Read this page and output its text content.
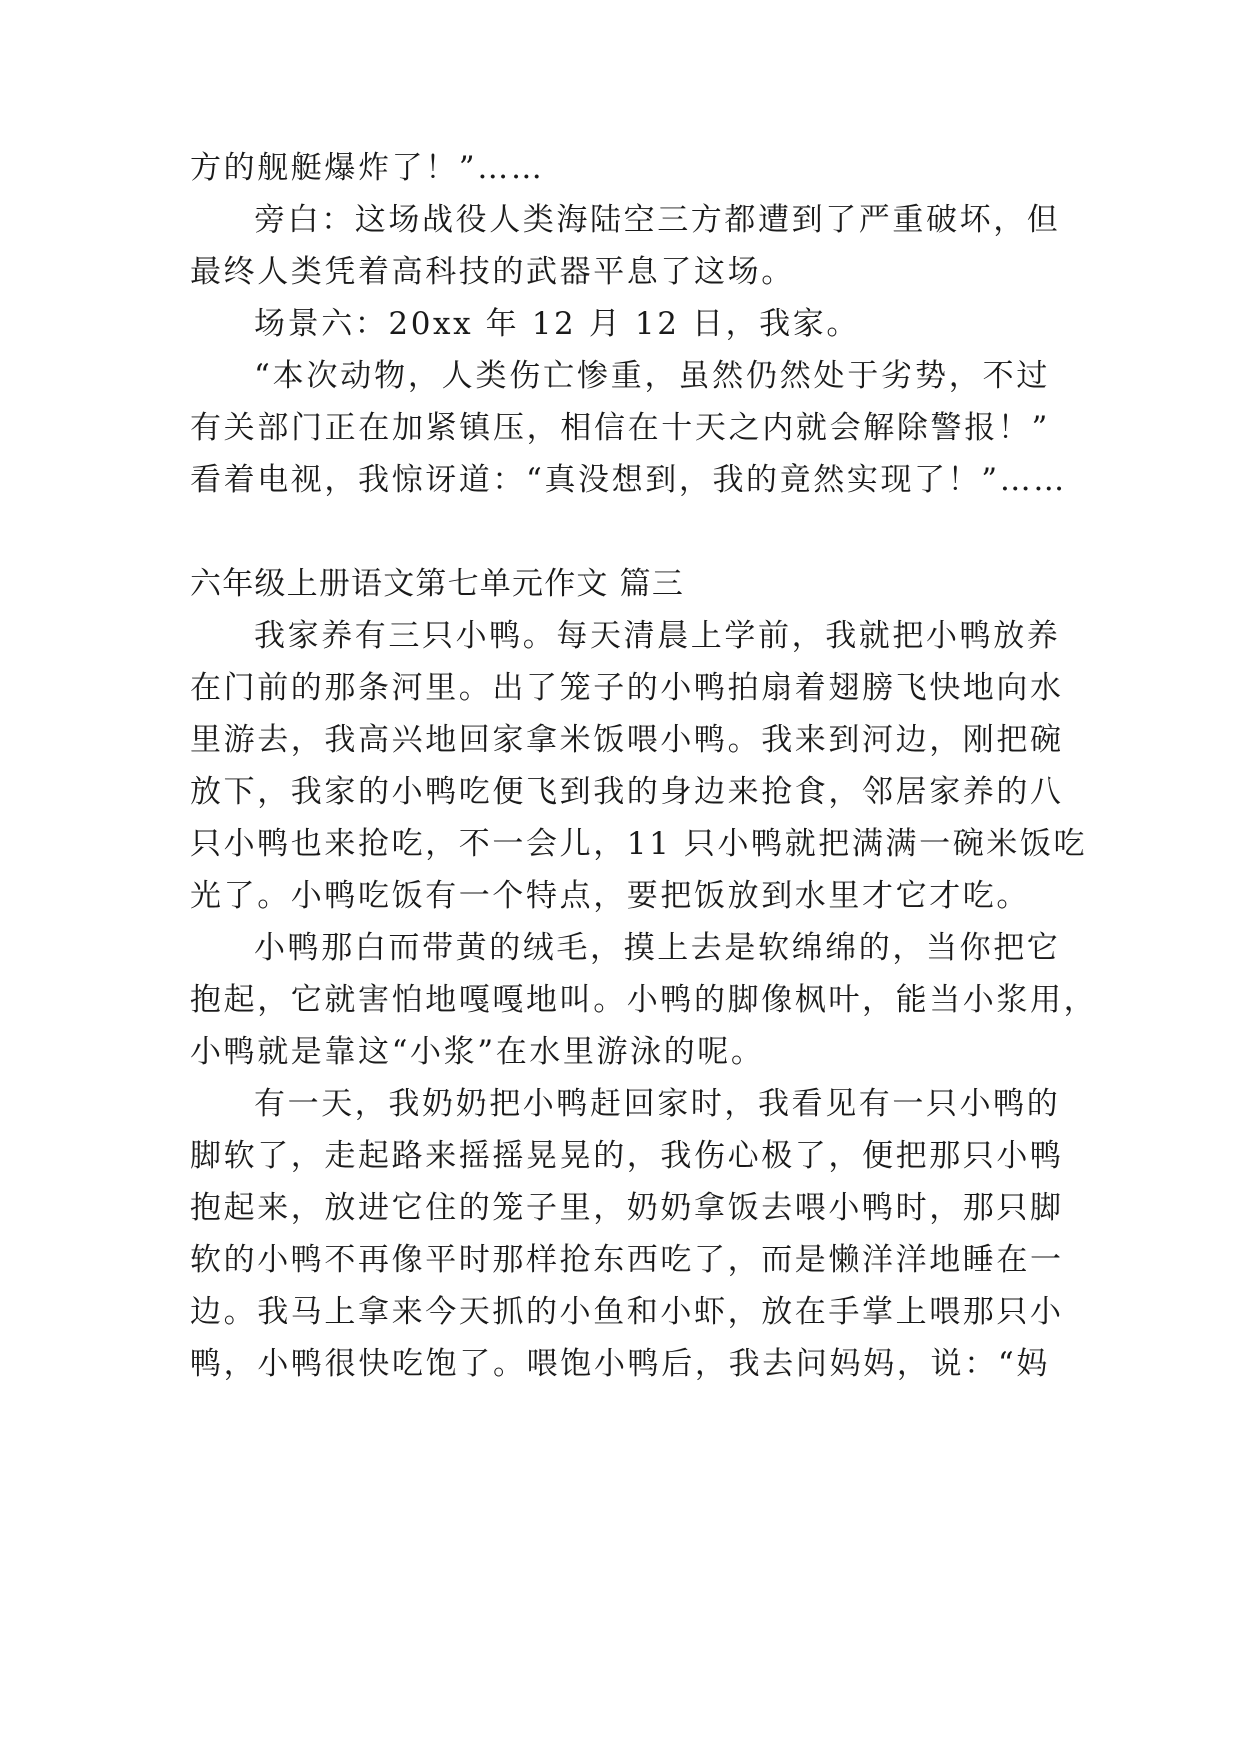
方的舰艇爆炸了！”……
旁白：这场战役人类海陆空三方都遭到了严重破坏，但
最终人类凭着高科技的武器平息了这场。
场景六：20xx 年 12 月 12 日，我家。
“本次动物，人类伤亡惨重，虽然仍然处于劣势，不过
有关部门正在加紧镇压，相信在十天之内就会解除警报！”
看着电视，我惊讶道：“真没想到，我的竟然实现了！”……
六年级上册语文第七单元作文 篇三
我家养有三只小鸭。每天清晨上学前，我就把小鸭放养
在门前的那条河里。出了笼子的小鸭拍扇着翅膀飞快地向水
里游去，我高兴地回家拿米饭喂小鸭。我来到河边，刚把碗
放下，我家的小鸭吃便飞到我的身边来抢食，邻居家养的八
只小鸭也来抢吃，不一会儿，11 只小鸭就把满满一碗米饭吃
光了。小鸭吃饭有一个特点，要把饭放到水里才它才吃。
小鸭那白而带黄的绒毛，摸上去是软绵绵的，当你把它
抱起，它就害怕地嘎嘎地叫。小鸭的脚像枫叶，能当小浆用，
小鸭就是靠这“小浆”在水里游泳的呢。
有一天，我奶奶把小鸭赶回家时，我看见有一只小鸭的
脚软了，走起路来摇摇晃晃的，我伤心极了，便把那只小鸭
抱起来，放进它住的笼子里，奶奶拿饭去喂小鸭时，那只脚
软的小鸭不再像平时那样抢东西吃了，而是懒洋洋地睡在一
边。我马上拿来今天抓的小鱼和小虾，放在手掌上喂那只小
鸭，小鸭很快吃饱了。喂饱小鸭后，我去问妈妈，说：“妈
